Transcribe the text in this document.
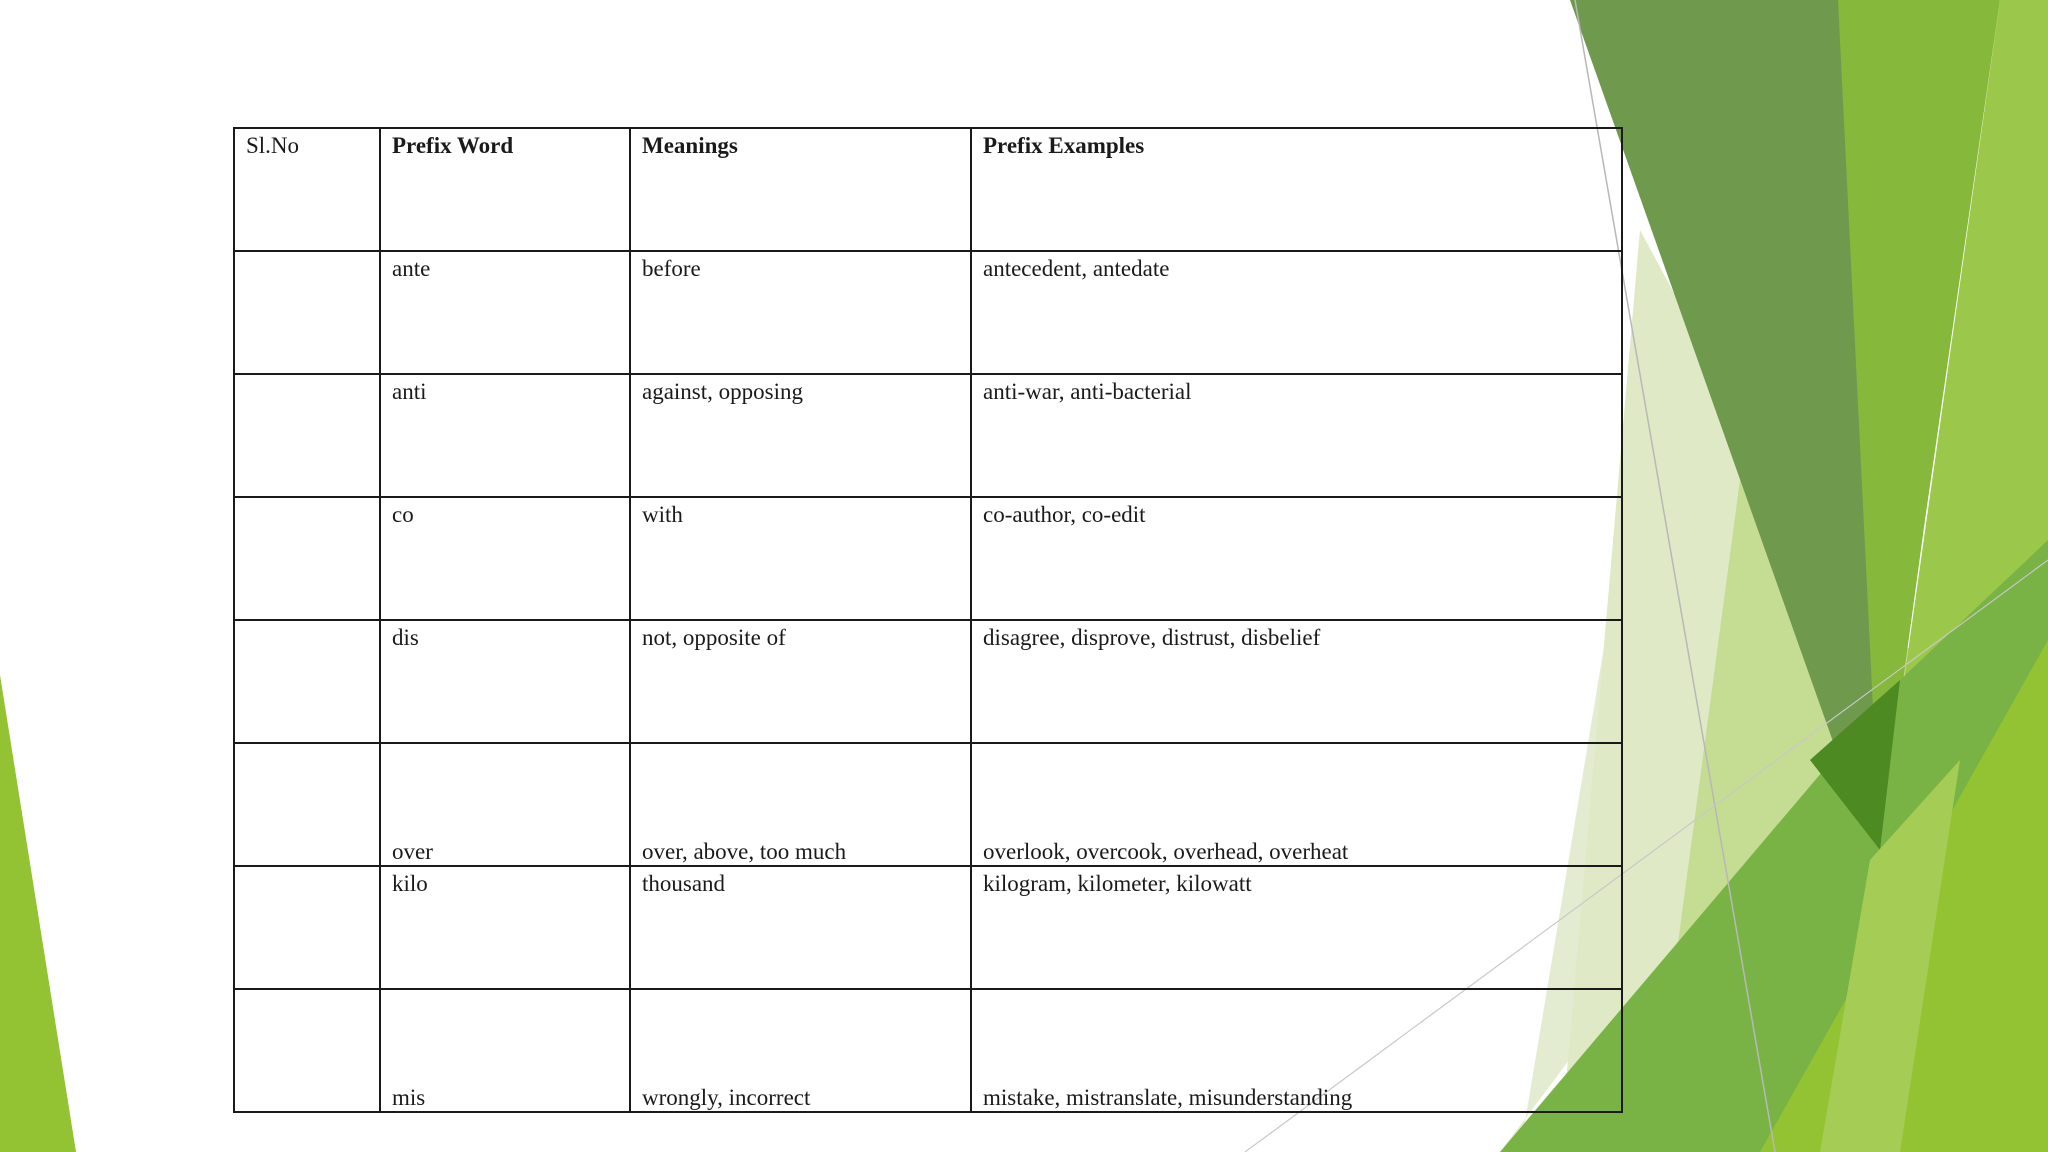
Sl.No	Prefix Word	Meanings	Prefix Examples

	ante	before	antecedent, antedate

	anti	against, opposing	anti-war, anti-bacterial

	co	with	co-author, co-edit

	dis	not, opposite of	disagree, disprove, distrust, disbelief

	over	over, above, too much	overlook, overcook, overhead, overheat

	kilo	thousand	kilogram, kilometer, kilowatt

	mis	wrongly, incorrect	mistake, mistranslate, misunderstanding
